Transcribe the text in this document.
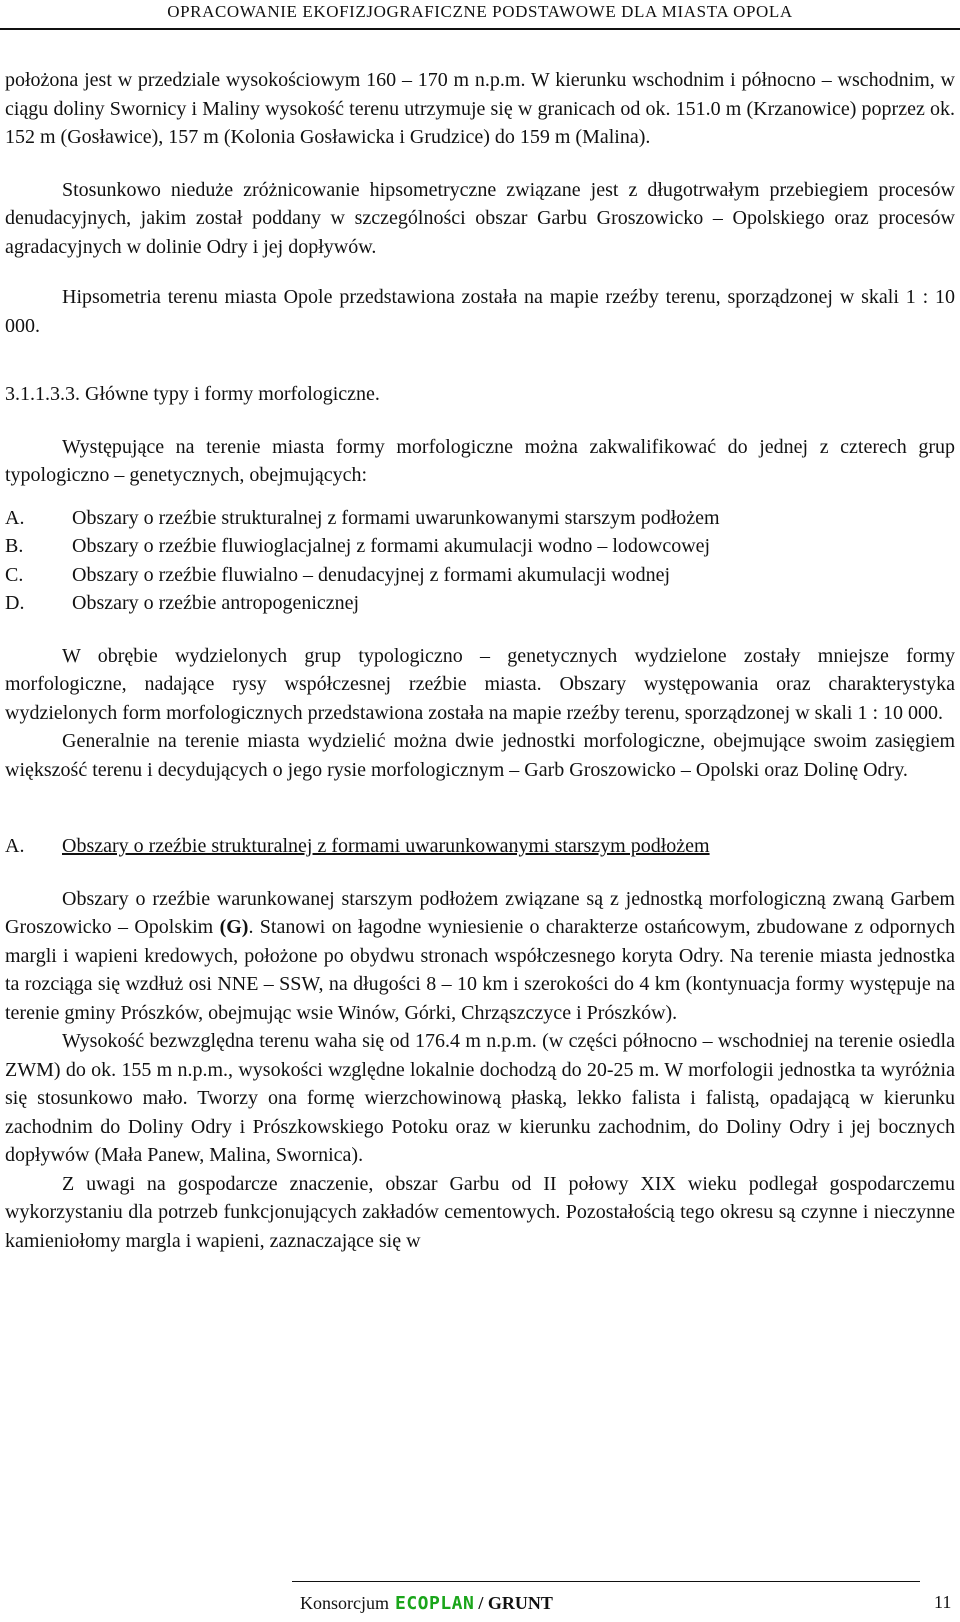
OPRACOWANIE EKOFIZJOGRAFICZNE PODSTAWOWE DLA MIASTA OPOLA

położona jest w przedziale wysokościowym 160 – 170 m n.p.m. W kierunku wschodnim i północno – wschodnim, w ciągu doliny Swornicy i Maliny wysokość terenu utrzymuje się w granicach od ok. 151.0 m (Krzanowice) poprzez ok. 152 m (Gosławice), 157 m (Kolonia Gosławicka i Grudzice) do 159 m (Malina).

Stosunkowo nieduże zróżnicowanie hipsometryczne związane jest z długotrwałym przebiegiem procesów denudacyjnych, jakim został poddany w szczególności obszar Garbu Groszowicko – Opolskiego oraz procesów agradacyjnych w dolinie Odry i jej dopływów.

Hipsometria terenu miasta Opole przedstawiona została na mapie rzeźby terenu, sporządzonej w skali 1 : 10 000.

3.1.1.3.3. Główne typy i formy morfologiczne.

Występujące na terenie miasta formy morfologiczne można zakwalifikować do jednej z czterech grup typologiczno – genetycznych, obejmujących:

A.	Obszary o rzeźbie strukturalnej z formami uwarunkowanymi starszym podłożem
B.	Obszary o rzeźbie fluwioglacjalnej z formami akumulacji wodno – lodowcowej
C.	Obszary o rzeźbie fluwialno – denudacyjnej z formami akumulacji wodnej
D.	Obszary o rzeźbie antropogenicznej

W obrębie wydzielonych grup typologiczno – genetycznych wydzielone zostały mniejsze formy morfologiczne, nadające rysy współczesnej rzeźbie miasta. Obszary występowania oraz charakterystyka wydzielonych form morfologicznych przedstawiona została na mapie rzeźby terenu, sporządzonej w skali 1 : 10 000.

Generalnie na terenie miasta wydzielić można dwie jednostki morfologiczne, obejmujące swoim zasięgiem większość terenu i decydujących o jego rysie morfologicznym – Garb Groszowicko – Opolski oraz Dolinę Odry.

A.	Obszary o rzeźbie strukturalnej z formami uwarunkowanymi starszym podłożem

Obszary o rzeźbie warunkowanej starszym podłożem związane są z jednostką morfologiczną zwaną Garbem Groszowicko – Opolskim (G). Stanowi on łagodne wyniesienie o charakterze ostańcowym, zbudowane z odpornych margli i wapieni kredowych, położone po obydwu stronach współczesnego koryta Odry. Na terenie miasta jednostka ta rozciąga się wzdłuż osi NNE – SSW, na długości 8 – 10 km i szerokości do 4 km (kontynuacja formy występuje na terenie gminy Prószków, obejmując wsie Winów, Górki, Chrząszczyce i Prószków).

Wysokość bezwzględna terenu waha się od 176.4 m n.p.m. (w części północno – wschodniej na terenie osiedla ZWM) do ok. 155 m n.p.m., wysokości względne lokalnie dochodzą do 20-25 m. W morfologii jednostka ta wyróżnia się stosunkowo mało. Tworzy ona formę wierzchowinową płaską, lekko falista i falistą, opadającą w kierunku zachodnim do Doliny Odry i Prószkowskiego Potoku oraz w kierunku zachodnim, do Doliny Odry i jej bocznych dopływów (Mała Panew, Malina, Swornica).

Z uwagi na gospodarcze znaczenie, obszar Garbu od II połowy XIX wieku podlegał gospodarczemu wykorzystaniu dla potrzeb funkcjonujących zakładów cementowych. Pozostałością tego okresu są czynne i nieczynne kamieniołomy margla i wapieni, zaznaczające się w

Konsorcjum ECOPLAN / GRUNT	11
